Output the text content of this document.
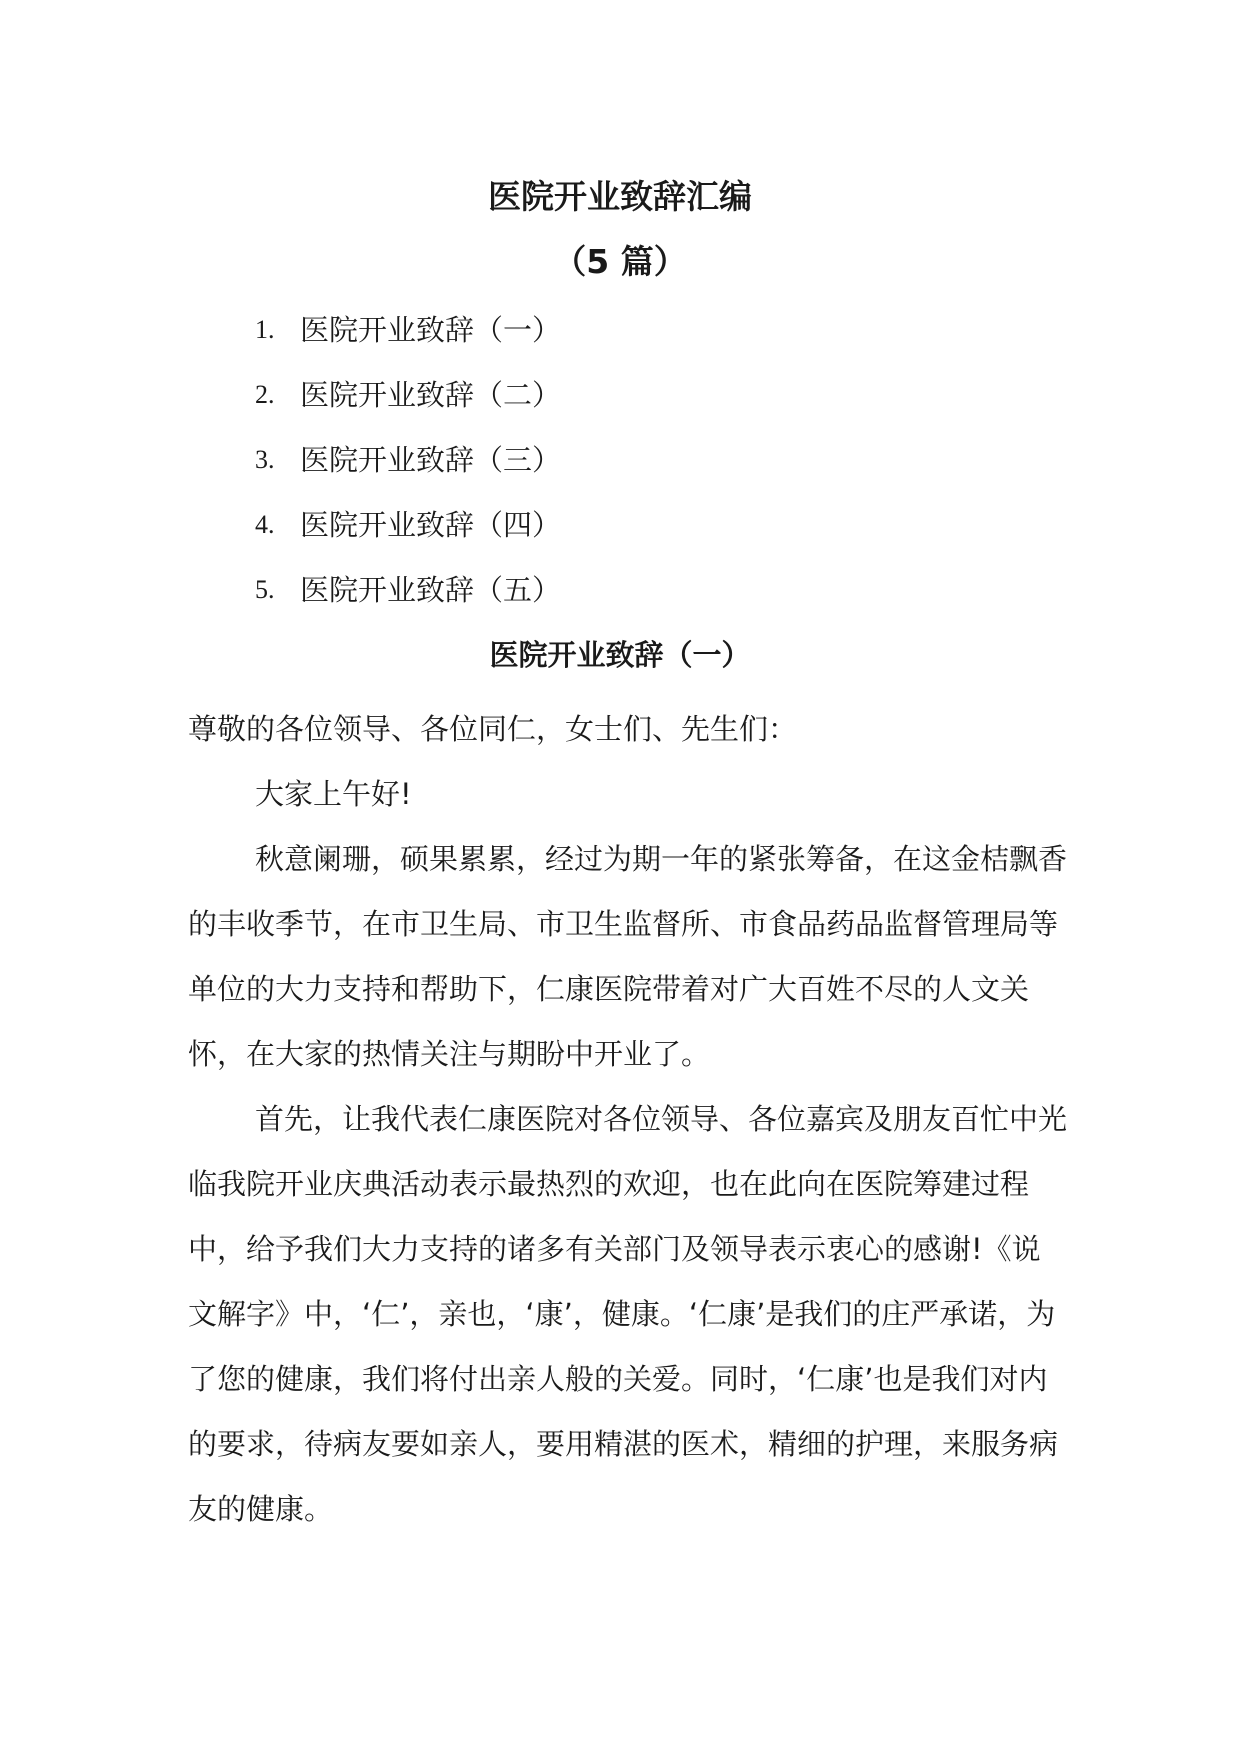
医院开业致辞汇编
（5 篇）
1. 医院开业致辞（一）
2. 医院开业致辞（二）
3. 医院开业致辞（三）
4. 医院开业致辞（四）
5. 医院开业致辞（五）
医院开业致辞（一）

尊敬的各位领导、各位同仁，女士们、先生们：

大家上午好!

秋意阑珊，硕果累累，经过为期一年的紧张筹备，在这金桔飘香的丰收季节，在市卫生局、市卫生监督所、市食品药品监督管理局等单位的大力支持和帮助下，仁康医院带着对广大百姓不尽的人文关怀，在大家的热情关注与期盼中开业了。

首先，让我代表仁康医院对各位领导、各位嘉宾及朋友百忙中光临我院开业庆典活动表示最热烈的欢迎，也在此向在医院筹建过程中，给予我们大力支持的诸多有关部门及领导表示衷心的感谢!《说文解字》中，‘仁’，亲也，‘康’，健康。‘仁康’是我们的庄严承诺，为了您的健康，我们将付出亲人般的关爱。同时，‘仁康’也是我们对内的要求，待病友要如亲人，要用精湛的医术，精细的护理，来服务病友的健康。
